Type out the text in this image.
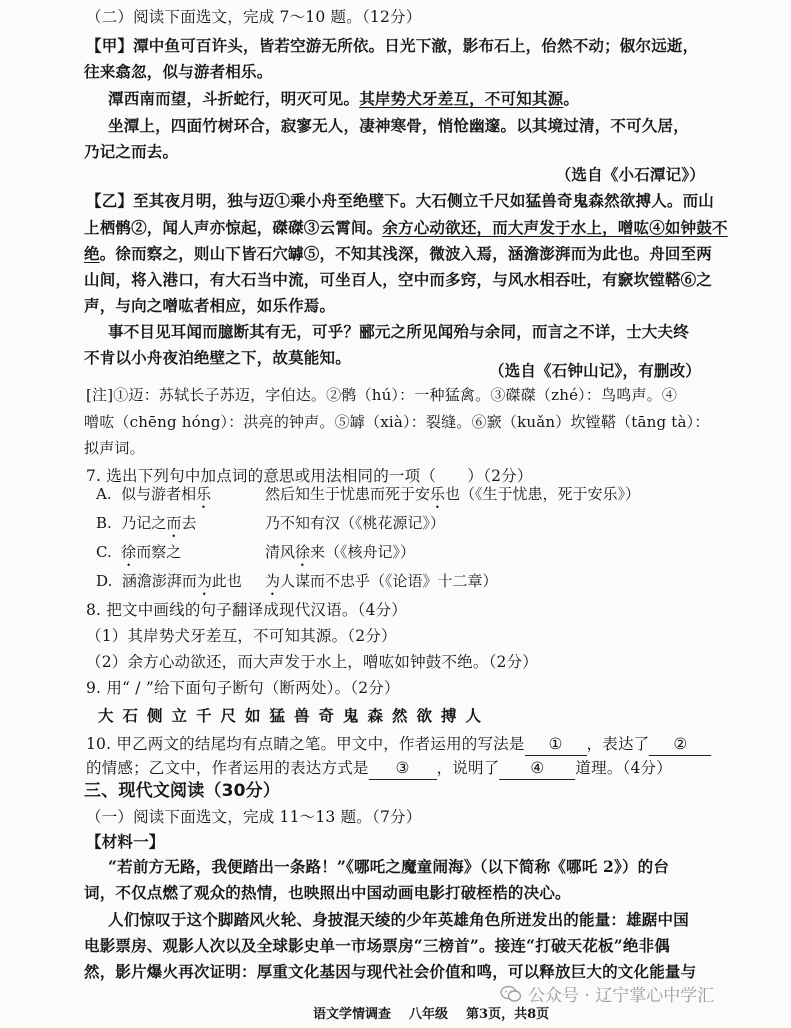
（二）阅读下面选文，完成 7～10 题。（12分）
【甲】潭中鱼可百许头，皆若空游无所依。日光下澈，影布石上，佁然不动；俶尔远逝，
往来翕忽，似与游者相乐。
潭西南而望，斗折蛇行，明灭可见。其岸势犬牙差互，不可知其源。
坐潭上，四面竹树环合，寂寥无人，凄神寒骨，悄怆幽邃。以其境过清，不可久居，
乃记之而去。
（选自《小石潭记》）
【乙】至其夜月明，独与迈①乘小舟至绝壁下。大石侧立千尺如猛兽奇鬼森然欲搏人。而山
上栖鹘②，闻人声亦惊起，磔磔③云霄间。余方心动欲还，而大声发于水上，噌吰④如钟鼓不
绝。徐而察之，则山下皆石穴罅⑤，不知其浅深，微波入焉，涵澹澎湃而为此也。舟回至两
山间，将入港口，有大石当中流，可坐百人，空中而多窍，与风水相吞吐，有窾坎镗鞳⑥之
声，与向之噌吰者相应，如乐作焉。
事不目见耳闻而臆断其有无，可乎？郦元之所见闻殆与余同，而言之不详，士大夫终
不肯以小舟夜泊绝壁之下，故莫能知。
（选自《石钟山记》，有删改）
[注]①迈：苏轼长子苏迈，字伯达。②鹘（hú）：一种猛禽。③磔磔（zhé）：鸟鸣声。④
噌吰（chēng hóng）：洪亮的钟声。⑤罅（xià）：裂缝。⑥窾（kuǎn）坎镗鞳（tāng tà）：
拟声词。
7. 选出下列句中加点词的意思或用法相同的一项（　　）（2分）
A. 似与游者相乐	然后知生于忧患而死于安乐也（《生于忧患，死于安乐》）
B. 乃记之而去	乃不知有汉（《桃花源记》）
C. 徐而察之	清风徐来（《核舟记》）
D. 涵澹澎湃而为此也 为人谋而不忠乎（《论语》十二章）
8. 把文中画线的句子翻译成现代汉语。（4分）
（1）其岸势犬牙差互，不可知其源。（2分）
（2）余方心动欲还，而大声发于水上，噌吰如钟鼓不绝。（2分）
9. 用“ / ”给下面句子断句（断两处）。（2分）
大石侧立千尺如猛兽奇鬼森然欲搏人
10. 甲乙两文的结尾均有点睛之笔。甲文中，作者运用的写法是 ① ，表达了 ②
的情感；乙文中，作者运用的表达方式是 ③ ，说明了 ④ 道理。（4分）
三、现代文阅读（30分）
（一）阅读下面选文，完成 11～13 题。（7分）
【材料一】
“若前方无路，我便踏出一条路！”《哪吒之魔童闹海》（以下简称《哪吒 2》）的台
词，不仅点燃了观众的热情，也映照出中国动画电影打破桎梏的决心。
人们惊叹于这个脚踏风火轮、身披混天绫的少年英雄角色所迸发出的能量：雄踞中国
电影票房、观影人次以及全球影史单一市场票房“三榜首”。接连“打破天花板”绝非偶
然，影片爆火再次证明：厚重文化基因与现代社会价值和鸣，可以释放巨大的文化能量与
公众号 · 辽宁掌心中学汇
语文学情调查 八年级 第3页，共8页
